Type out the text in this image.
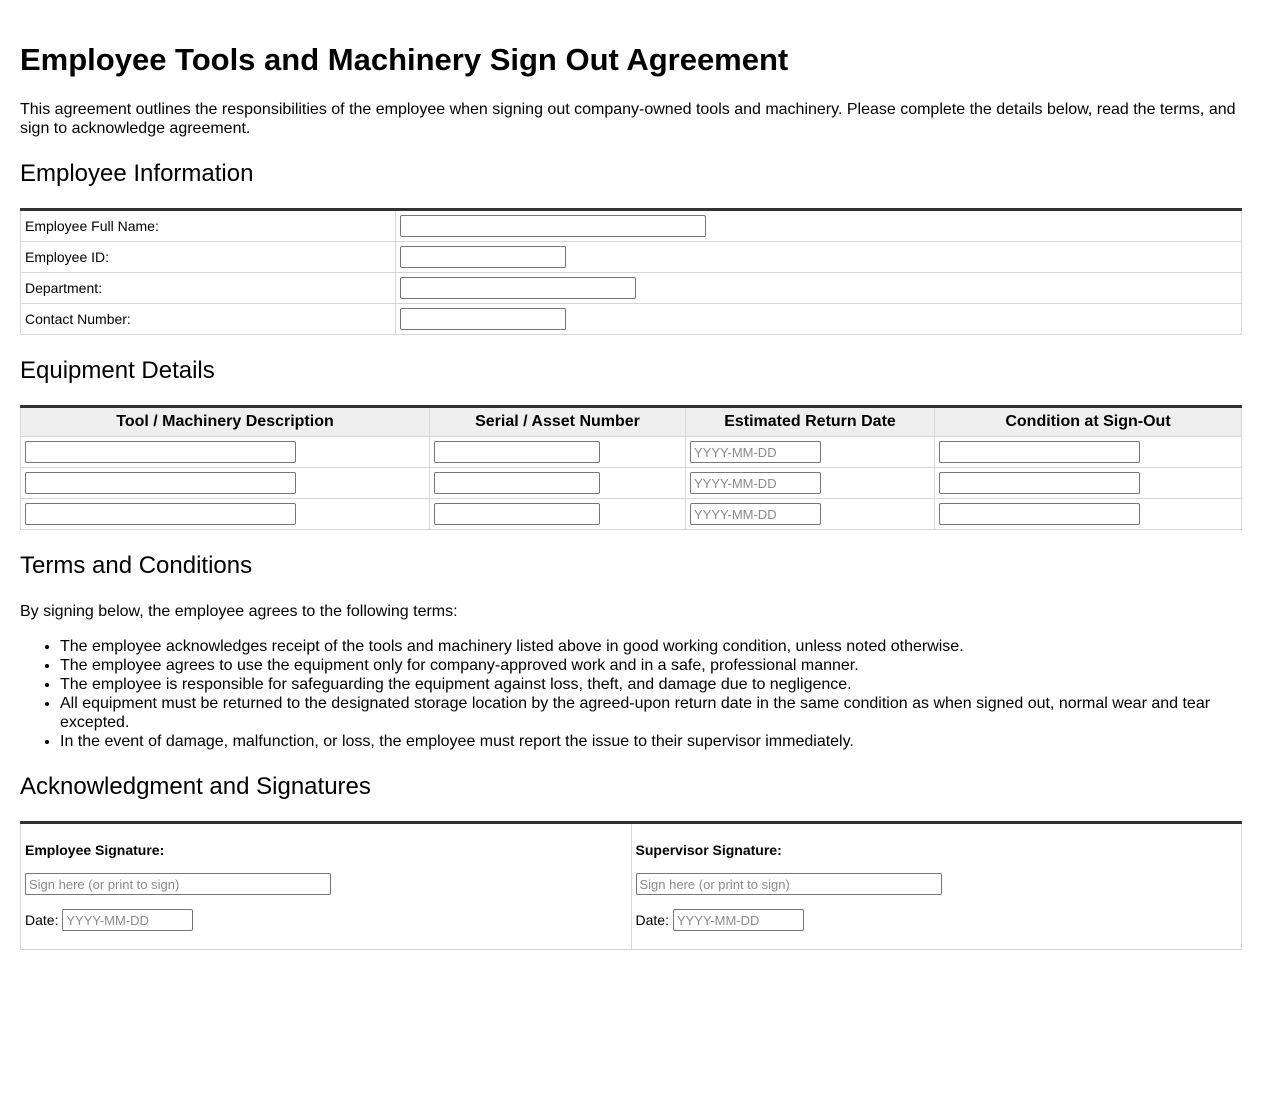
Employee Tools and Machinery Sign Out Agreement

This agreement outlines the responsibilities of the employee when signing out company-owned tools and machinery. Please complete the details below, read the terms, and sign to acknowledge agreement.

Employee Information
Employee Full Name:	
Employee ID:	
Department:	
Contact Number:	
Equipment Details
Tool / Machinery Description	Serial / Asset Number	Estimated Return Date	Condition at Sign-Out
		YYYY-MM-DD	
		YYYY-MM-DD	
		YYYY-MM-DD	
Terms and Conditions

By signing below, the employee agrees to the following terms:

• The employee acknowledges receipt of the tools and machinery listed above in good working condition, unless noted otherwise.
• The employee agrees to use the equipment only for company-approved work and in a safe, professional manner.
• The employee is responsible for safeguarding the equipment against loss, theft, and damage due to negligence.
• All equipment must be returned to the designated storage location by the agreed-upon return date in the same condition as when signed out, normal wear and tear excepted.
• In the event of damage, malfunction, or loss, the employee must report the issue to their supervisor immediately.
Acknowledgment and Signatures
Employee Signature:
Sign here (or print to sign)
Date: YYYY-MM-DD

Supervisor Signature:
Sign here (or print to sign)
Date: YYYY-MM-DD
